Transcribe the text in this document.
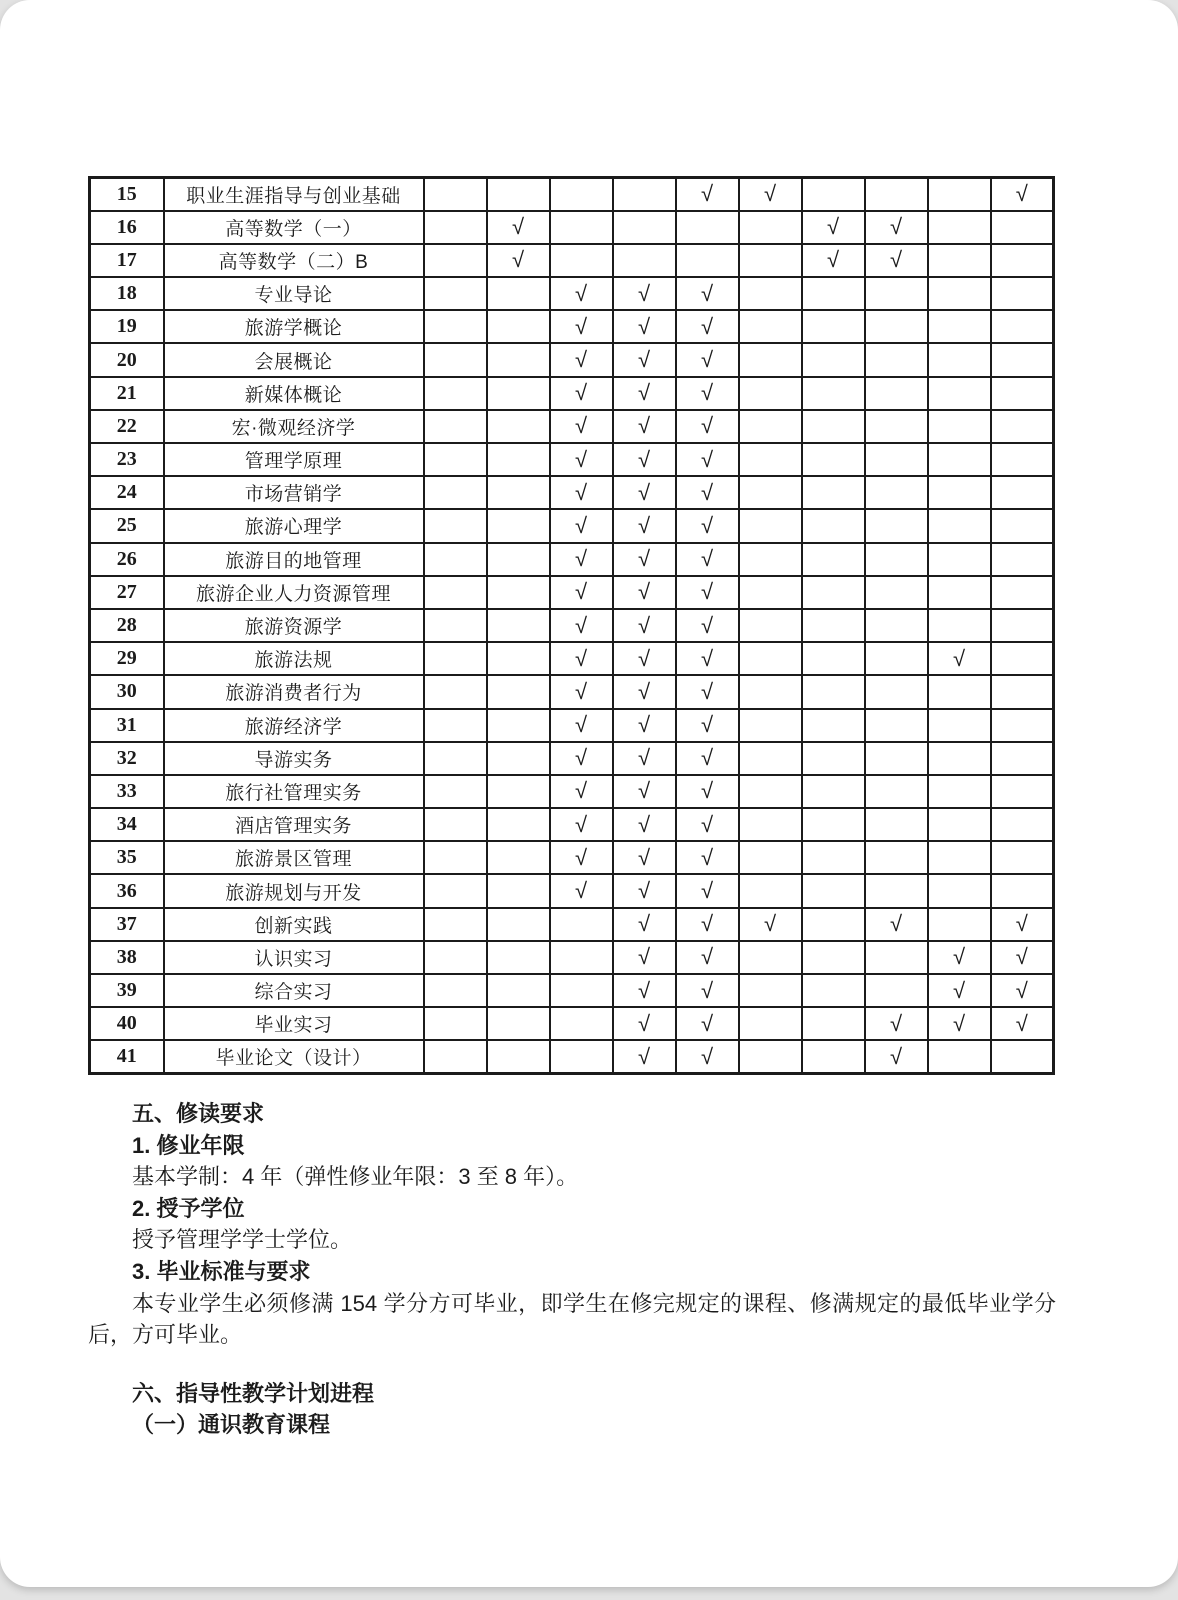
15	职业生涯指导与创业基础					√	√				√
16	高等数学（一）		√					√	√		
17	高等数学（二）B		√					√	√		
18	专业导论			√	√	√					
19	旅游学概论			√	√	√					
20	会展概论			√	√	√					
21	新媒体概论			√	√	√					
22	宏·微观经济学			√	√	√					
23	管理学原理			√	√	√					
24	市场营销学			√	√	√					
25	旅游心理学			√	√	√					
26	旅游目的地管理			√	√	√					
27	旅游企业人力资源管理			√	√	√					
28	旅游资源学			√	√	√					
29	旅游法规			√	√	√				√	
30	旅游消费者行为			√	√	√					
31	旅游经济学			√	√	√					
32	导游实务			√	√	√					
33	旅行社管理实务			√	√	√					
34	酒店管理实务			√	√	√					
35	旅游景区管理			√	√	√					
36	旅游规划与开发			√	√	√					
37	创新实践				√	√	√		√		√
38	认识实习				√	√				√	√
39	综合实习				√	√				√	√
40	毕业实习				√	√			√	√	√
41	毕业论文（设计）				√	√			√		
五、修读要求
1. 修业年限
基本学制：4 年（弹性修业年限：3 至 8 年）。
2. 授予学位
授予管理学学士学位。
3. 毕业标准与要求
本专业学生必须修满 154 学分方可毕业，即学生在修完规定的课程、修满规定的最低毕业学分后，方可毕业。
六、指导性教学计划进程
（一）通识教育课程
